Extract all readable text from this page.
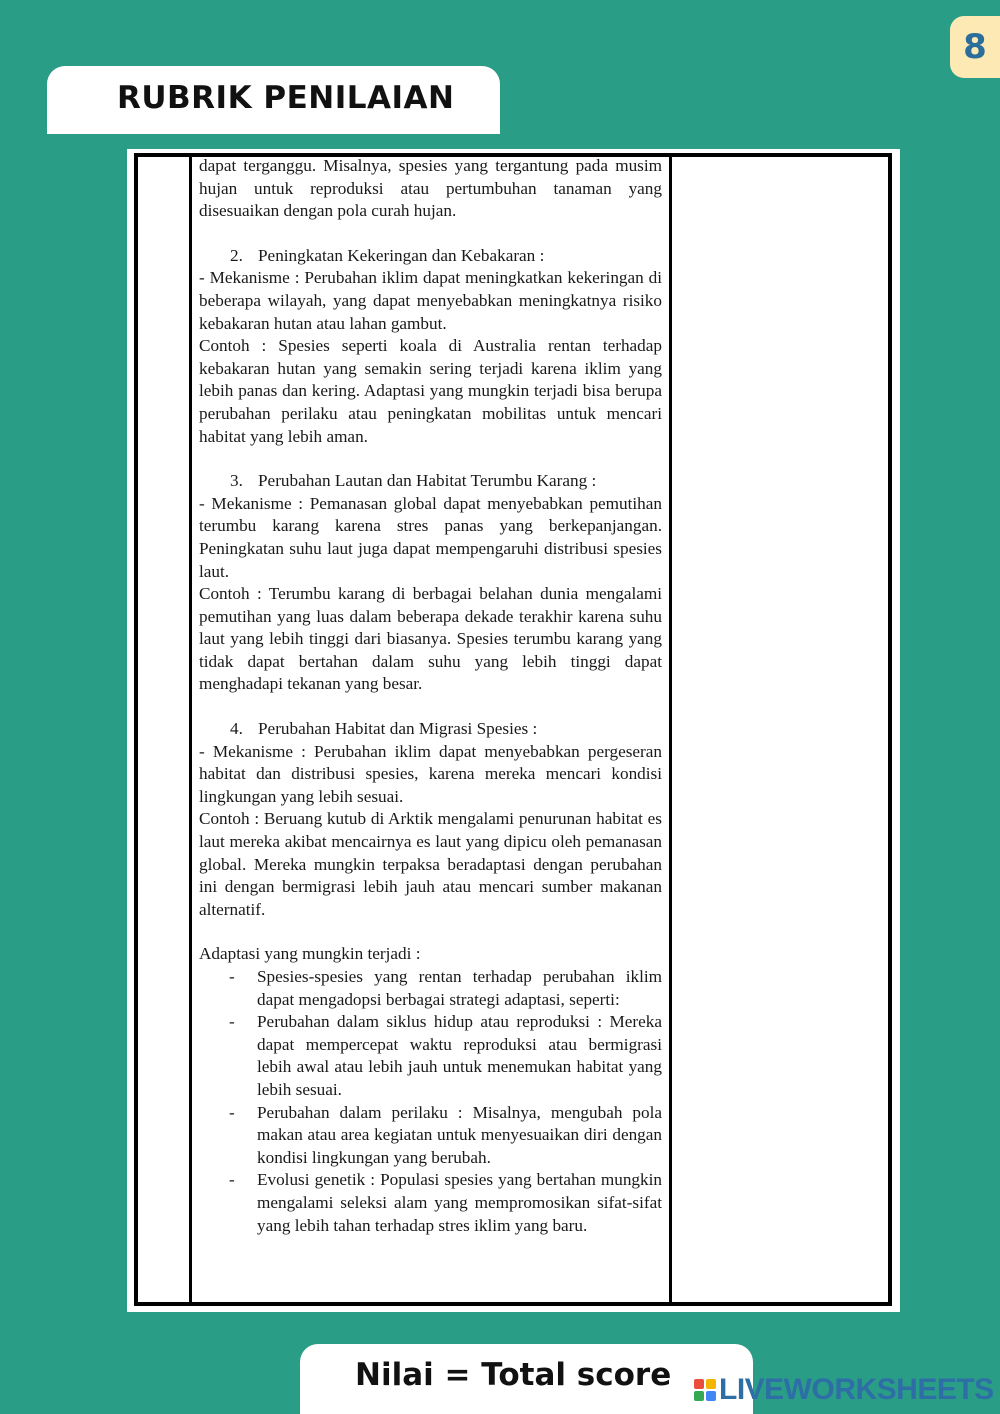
8
RUBRIK PENILAIAN

dapat terganggu. Misalnya, spesies yang tergantung pada musim hujan untuk reproduksi atau pertumbuhan tanaman yang disesuaikan dengan pola curah hujan.

2. Peningkatan Kekeringan dan Kebakaran :

- Mekanisme : Perubahan iklim dapat meningkatkan kekeringan di beberapa wilayah, yang dapat menyebabkan meningkatnya risiko kebakaran hutan atau lahan gambut.

Contoh : Spesies seperti koala di Australia rentan terhadap kebakaran hutan yang semakin sering terjadi karena iklim yang lebih panas dan kering. Adaptasi yang mungkin terjadi bisa berupa perubahan perilaku atau peningkatan mobilitas untuk mencari habitat yang lebih aman.

3. Perubahan Lautan dan Habitat Terumbu Karang :

- Mekanisme : Pemanasan global dapat menyebabkan pemutihan terumbu karang karena stres panas yang berkepanjangan. Peningkatan suhu laut juga dapat mempengaruhi distribusi spesies laut.

Contoh : Terumbu karang di berbagai belahan dunia mengalami pemutihan yang luas dalam beberapa dekade terakhir karena suhu laut yang lebih tinggi dari biasanya. Spesies terumbu karang yang tidak dapat bertahan dalam suhu yang lebih tinggi dapat menghadapi tekanan yang besar.

4. Perubahan Habitat dan Migrasi Spesies :

- Mekanisme : Perubahan iklim dapat menyebabkan pergeseran habitat dan distribusi spesies, karena mereka mencari kondisi lingkungan yang lebih sesuai.

Contoh : Beruang kutub di Arktik mengalami penurunan habitat es laut mereka akibat mencairnya es laut yang dipicu oleh pemanasan global. Mereka mungkin terpaksa beradaptasi dengan perubahan ini dengan bermigrasi lebih jauh atau mencari sumber makanan alternatif.

Adaptasi yang mungkin terjadi :

-	Spesies-spesies yang rentan terhadap perubahan iklim dapat mengadopsi berbagai strategi adaptasi, seperti:
-	Perubahan dalam siklus hidup atau reproduksi : Mereka dapat mempercepat waktu reproduksi atau bermigrasi lebih awal atau lebih jauh untuk menemukan habitat yang lebih sesuai.
-	Perubahan dalam perilaku : Misalnya, mengubah pola makan atau area kegiatan untuk menyesuaikan diri dengan kondisi lingkungan yang berubah.
-	Evolusi genetik : Populasi spesies yang bertahan mungkin mengalami seleksi alam yang mempromosikan sifat-sifat yang lebih tahan terhadap stres iklim yang baru.
Nilai = Total score LIVEWORKSHEETS
